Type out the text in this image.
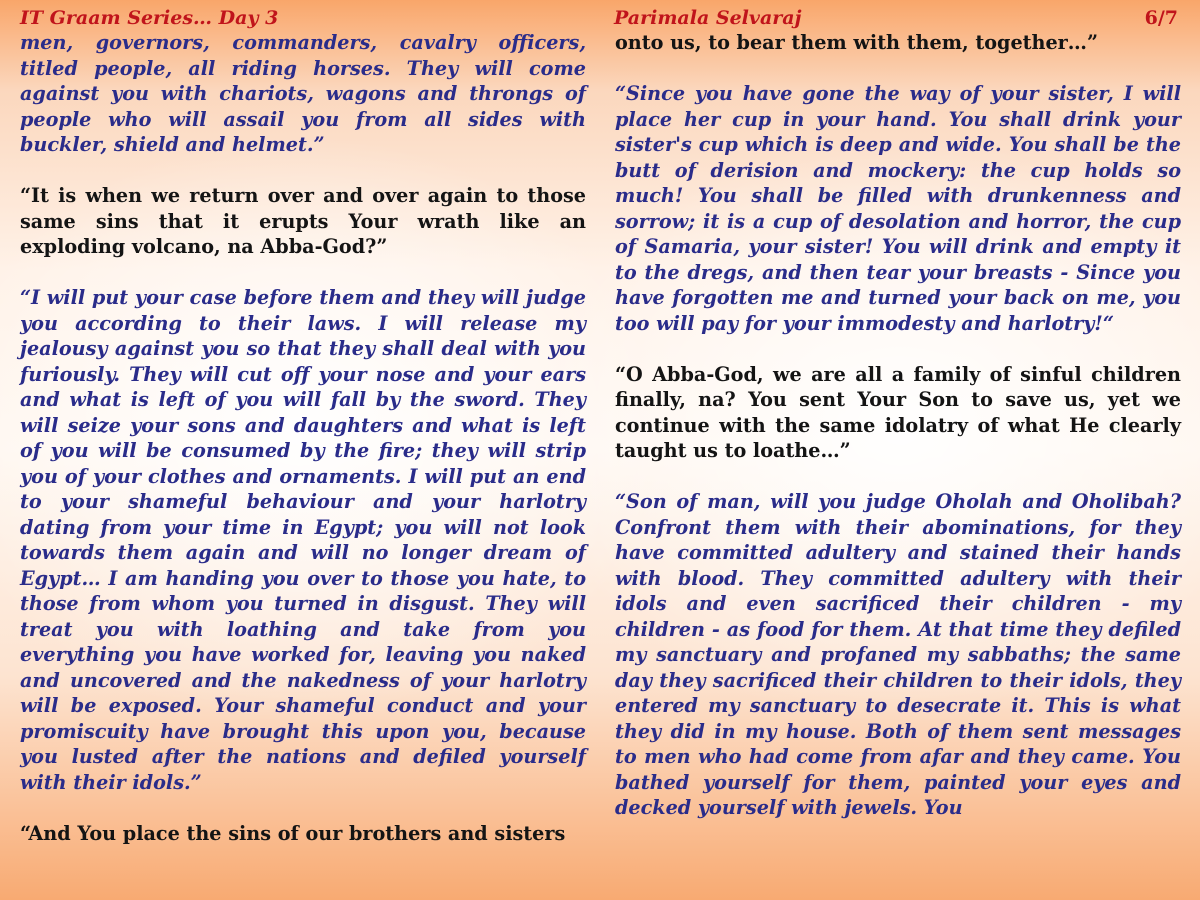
IT Graam Series… Day 3	Parimala Selvaraj	6/7

men, governors, commanders, cavalry officers, titled people, all riding horses. They will come against you with chariots, wagons and throngs of people who will assail you from all sides with buckler, shield and helmet.”

“It is when we return over and over again to those same sins that it erupts Your wrath like an exploding volcano, na Abba-God?”

“I will put your case before them and they will judge you according to their laws. I will release my jealousy against you so that they shall deal with you furiously. They will cut off your nose and your ears and what is left of you will fall by the sword. They will seize your sons and daughters and what is left of you will be consumed by the fire; they will strip you of your clothes and ornaments. I will put an end to your shameful behaviour and your harlotry dating from your time in Egypt; you will not look towards them again and will no longer dream of Egypt… I am handing you over to those you hate, to those from whom you turned in disgust. They will treat you with loathing and take from you everything you have worked for, leaving you naked and uncovered and the nakedness of your harlotry will be exposed. Your shameful conduct and your promiscuity have brought this upon you, because you lusted after the nations and defiled yourself with their idols.”

“And You place the sins of our brothers and sisters

onto us, to bear them with them, together…”

“Since you have gone the way of your sister, I will place her cup in your hand. You shall drink your sister's cup which is deep and wide. You shall be the butt of derision and mockery: the cup holds so much! You shall be filled with drunkenness and sorrow; it is a cup of desolation and horror, the cup of Samaria, your sister! You will drink and empty it to the dregs, and then tear your breasts - Since you have forgotten me and turned your back on me, you too will pay for your immodesty and harlotry!“

“O Abba-God, we are all a family of sinful children finally, na? You sent Your Son to save us, yet we continue with the same idolatry of what He clearly taught us to loathe…”

“Son of man, will you judge Oholah and Oholibah? Confront them with their abominations, for they have committed adultery and stained their hands with blood. They committed adultery with their idols and even sacrificed their children - my children - as food for them. At that time they defiled my sanctuary and profaned my sabbaths; the same day they sacrificed their children to their idols, they entered my sanctuary to desecrate it. This is what they did in my house. Both of them sent messages to men who had come from afar and they came. You bathed yourself for them, painted your eyes and decked yourself with jewels. You
